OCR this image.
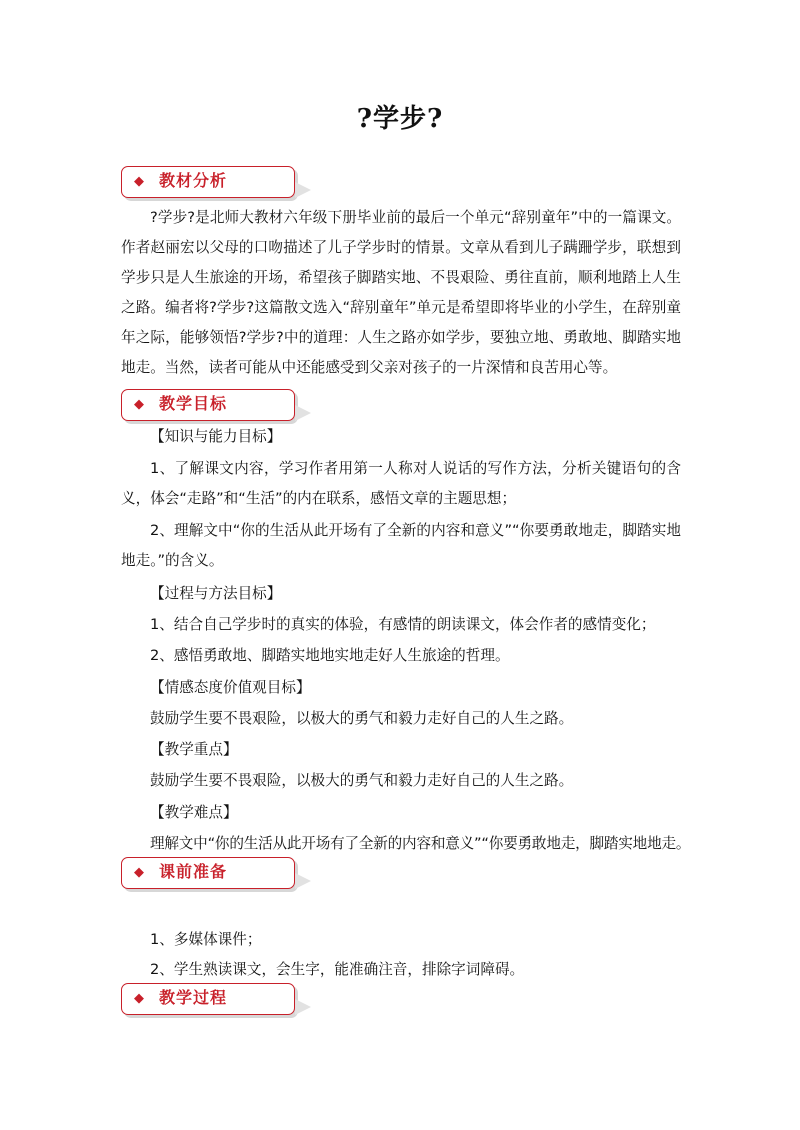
?学步?
◆ 教材分析

?学步?是北师大教材六年级下册毕业前的最后一个单元“辞别童年”中的一篇课文。作者赵丽宏以父母的口吻描述了儿子学步时的情景。文章从看到儿子蹒跚学步，联想到学步只是人生旅途的开场，希望孩子脚踏实地、不畏艰险、勇往直前，顺利地踏上人生之路。编者将?学步?这篇散文选入“辞别童年”单元是希望即将毕业的小学生，在辞别童年之际，能够领悟?学步?中的道理：人生之路亦如学步，要独立地、勇敢地、脚踏实地地走。当然，读者可能从中还能感受到父亲对孩子的一片深情和良苦用心等。

◆ 教学目标
【知识与能力目标】

1、了解课文内容，学习作者用第一人称对人说话的写作方法，分析关键语句的含义，体会“走路”和“生活”的内在联系，感悟文章的主题思想；

2、理解文中“你的生活从此开场有了全新的内容和意义”“你要勇敢地走，脚踏实地地走。”的含义。

【过程与方法目标】
1、结合自己学步时的真实的体验，有感情的朗读课文，体会作者的感情变化；
2、感悟勇敢地、脚踏实地地实地走好人生旅途的哲理。
【情感态度价值观目标】
鼓励学生要不畏艰险，以极大的勇气和毅力走好自己的人生之路。
【教学重点】
鼓励学生要不畏艰险，以极大的勇气和毅力走好自己的人生之路。
【教学难点】
理解文中“你的生活从此开场有了全新的内容和意义”“你要勇敢地走，脚踏实地地走。
◆ 课前准备
1、多媒体课件；
2、学生熟读课文，会生字，能准确注音，排除字词障碍。
◆ 教学过程
